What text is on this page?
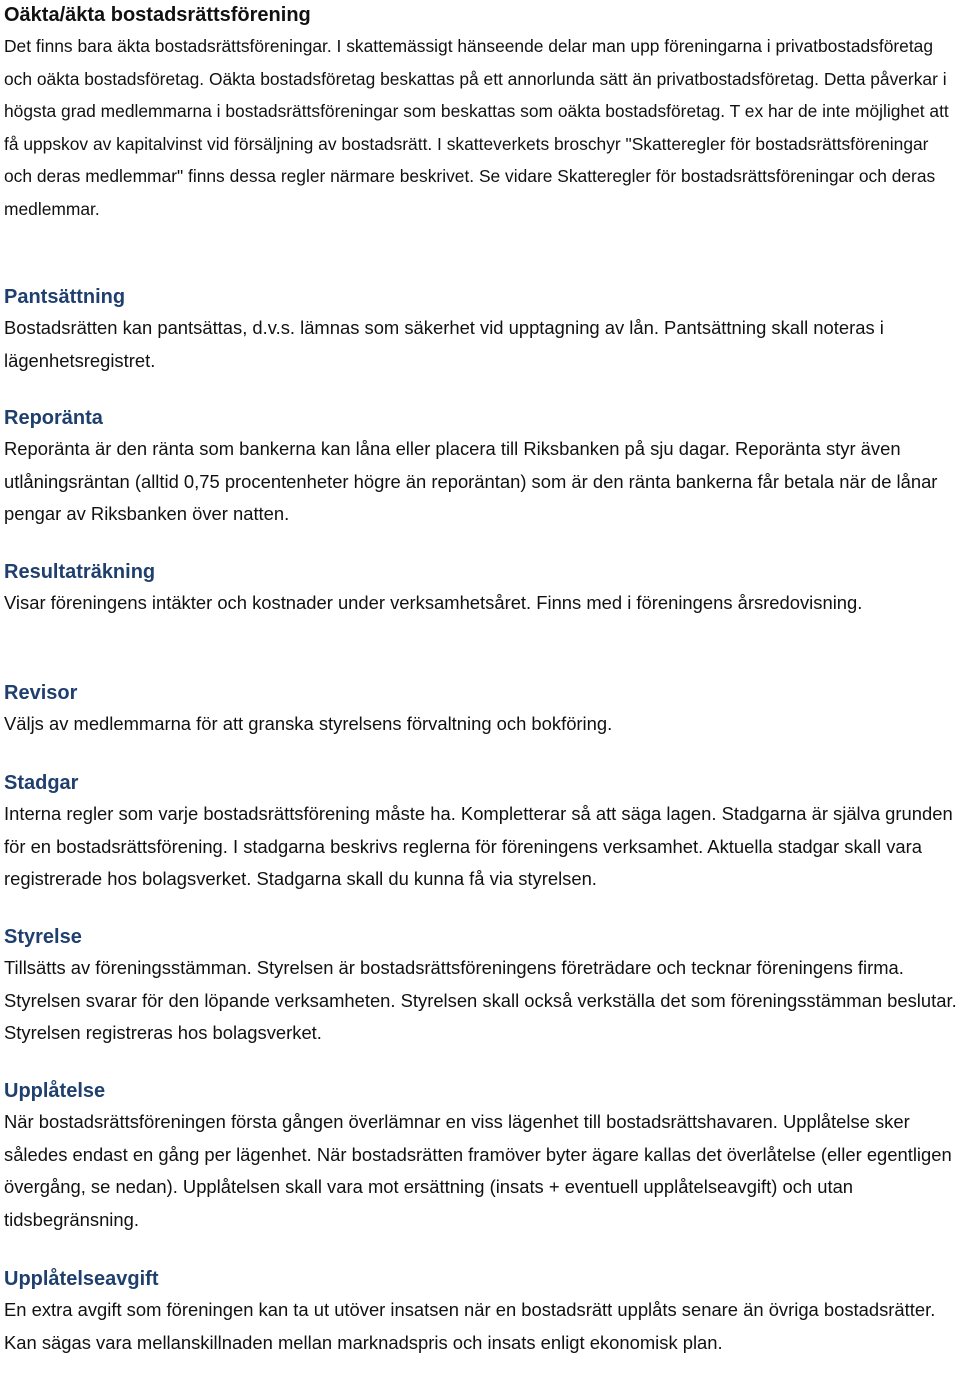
Oäkta/äkta bostadsrättsförening

Det finns bara äkta bostadsrättsföreningar. I skattemässigt hänseende delar man upp föreningarna i privatbostadsföretag och oäkta bostadsföretag. Oäkta bostadsföretag beskattas på ett annorlunda sätt än privatbostadsföretag. Detta påverkar i högsta grad medlemmarna i bostadsrättsföreningar som beskattas som oäkta bostadsföretag. T ex har de inte möjlighet att få uppskov av kapitalvinst vid försäljning av bostadsrätt. I skatteverkets broschyr "Skatteregler för bostadsrättsföreningar och deras medlemmar" finns dessa regler närmare beskrivet. Se vidare Skatteregler för bostadsrättsföreningar och deras medlemmar.

Pantsättning

Bostadsrätten kan pantsättas, d.v.s. lämnas som säkerhet vid upptagning av lån. Pantsättning skall noteras i lägenhetsregistret.

Reporänta

Reporänta är den ränta som bankerna kan låna eller placera till Riksbanken på sju dagar. Reporänta styr även utlåningsräntan (alltid 0,75 procentenheter högre än reporäntan) som är den ränta bankerna får betala när de lånar pengar av Riksbanken över natten.

Resultaträkning

Visar föreningens intäkter och kostnader under verksamhetsåret. Finns med i föreningens årsredovisning.

Revisor

Väljs av medlemmarna för att granska styrelsens förvaltning och bokföring.

Stadgar

Interna regler som varje bostadsrättsförening måste ha. Kompletterar så att säga lagen. Stadgarna är själva grunden för en bostadsrättsförening. I stadgarna beskrivs reglerna för föreningens verksamhet. Aktuella stadgar skall vara registrerade hos bolagsverket. Stadgarna skall du kunna få via styrelsen.

Styrelse

Tillsätts av föreningsstämman. Styrelsen är bostadsrättsföreningens företrädare och tecknar föreningens firma. Styrelsen svarar för den löpande verksamheten. Styrelsen skall också verkställa det som föreningsstämman beslutar. Styrelsen registreras hos bolagsverket.

Upplåtelse

När bostadsrättsföreningen första gången överlämnar en viss lägenhet till bostadsrättshavaren. Upplåtelse sker således endast en gång per lägenhet. När bostadsrätten framöver byter ägare kallas det överlåtelse (eller egentligen övergång, se nedan). Upplåtelsen skall vara mot ersättning (insats + eventuell upplåtelseavgift) och utan tidsbegränsning.

Upplåtelseavgift

En extra avgift som föreningen kan ta ut utöver insatsen när en bostadsrätt upplåts senare än övriga bostadsrätter. Kan sägas vara mellanskillnaden mellan marknadspris och insats enligt ekonomisk plan.
